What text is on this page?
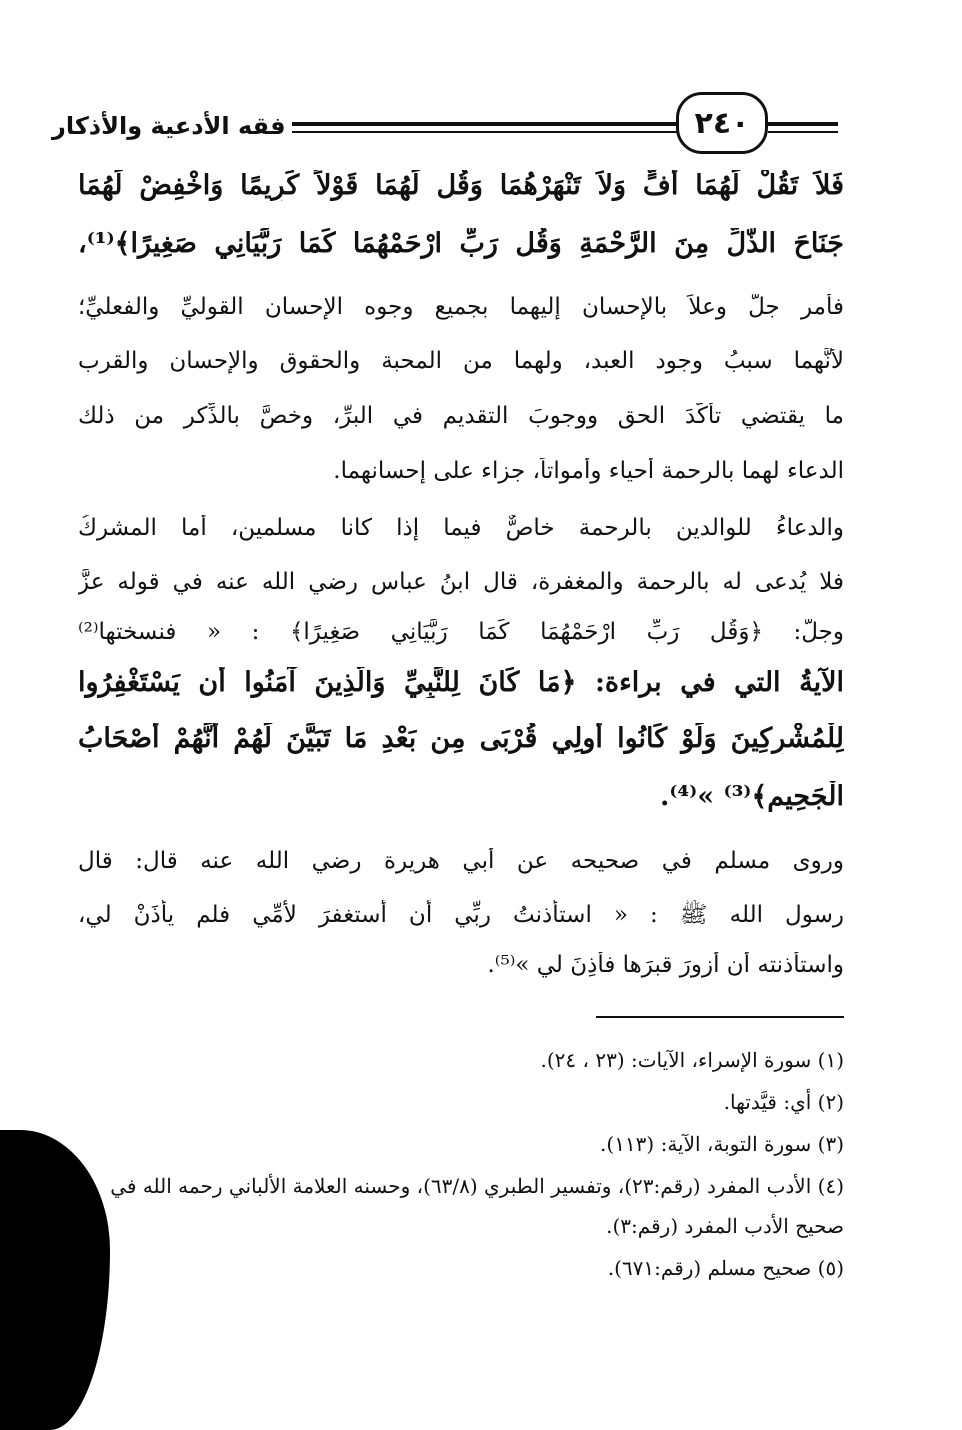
فقه الأدعية والأذكار	٢٤٠
فَلاَ تَقُلْ لَهُمَا أُفٍّ وَلاَ تَنْهَرْهُمَا وَقُل لَهُمَا قَوْلاً كَرِيمًا وَاخْفِضْ لَهُمَا
جَنَاحَ الذُّلِّ مِنَ الرَّحْمَةِ وَقُل رَبِّ ارْحَمْهُمَا كَمَا رَبَّيَانِي صَغِيرًا﴾⁽¹⁾،
فأمر جلَّ وعلاَ بالإحسان إليهما بجميع وجوه الإحسان القوليِّ والفعليِّ؛
لأنَّهما سببُ وجود العبد، ولهما من المحبة والحقوق والإحسان والقرب
ما يقتضي تأكُّدَ الحق ووجوبَ التقديم في البرِّ، وخصَّ بالذِّكر من ذلك
الدعاء لهما بالرحمة أحياء وأمواتاً، جزاء على إحسانهما.
والدعاءُ للوالدين بالرحمة خاصٌّ فيما إذا كانا مسلمين، أما المشركُ
فلا يُدعى له بالرحمة والمغفرة، قال ابنُ عباس رضي الله عنه في قوله عزَّ
وجلَّ: ﴿وَقُل رَبِّ ارْحَمْهُمَا كَمَا رَبَّيَانِي صَغِيرًا﴾ : « فنسختها⁽²⁾
الآيةُ التي في براءة: ﴿مَا كَانَ لِلنَّبِيِّ وَالَّذِينَ آمَنُوا أَن يَسْتَغْفِرُوا
لِلْمُشْرِكِينَ وَلَوْ كَانُوا أُولِي قُرْبَى مِن بَعْدِ مَا تَبَيَّنَ لَهُمْ أَنَّهُمْ أَصْحَابُ
الْجَحِيمِ﴾⁽³⁾ »⁽⁴⁾.
وروى مسلم في صحيحه عن أبي هريرة رضي الله عنه قال: قال
رسول الله ﷺ : « استأذنتُ ربِّي أن أستغفرَ لأُمِّي فلم يأذَنْ لي،
واستأذنته أن أزورَ قبرَها فأذِنَ لي »⁽⁵⁾.
(١) سورة الإسراء، الآيات: (٢٣ ، ٢٤).
(٢) أي: قيَّدتها.
(٣) سورة التوبة، الآية: (١١٣).
(٤) الأدب المفرد (رقم:٢٣)، وتفسير الطبري (٦٣/٨)، وحسنه العلامة الألباني رحمه الله في
صحيح الأدب المفرد (رقم:٣).
(٥) صحيح مسلم (رقم:٦٧١).
